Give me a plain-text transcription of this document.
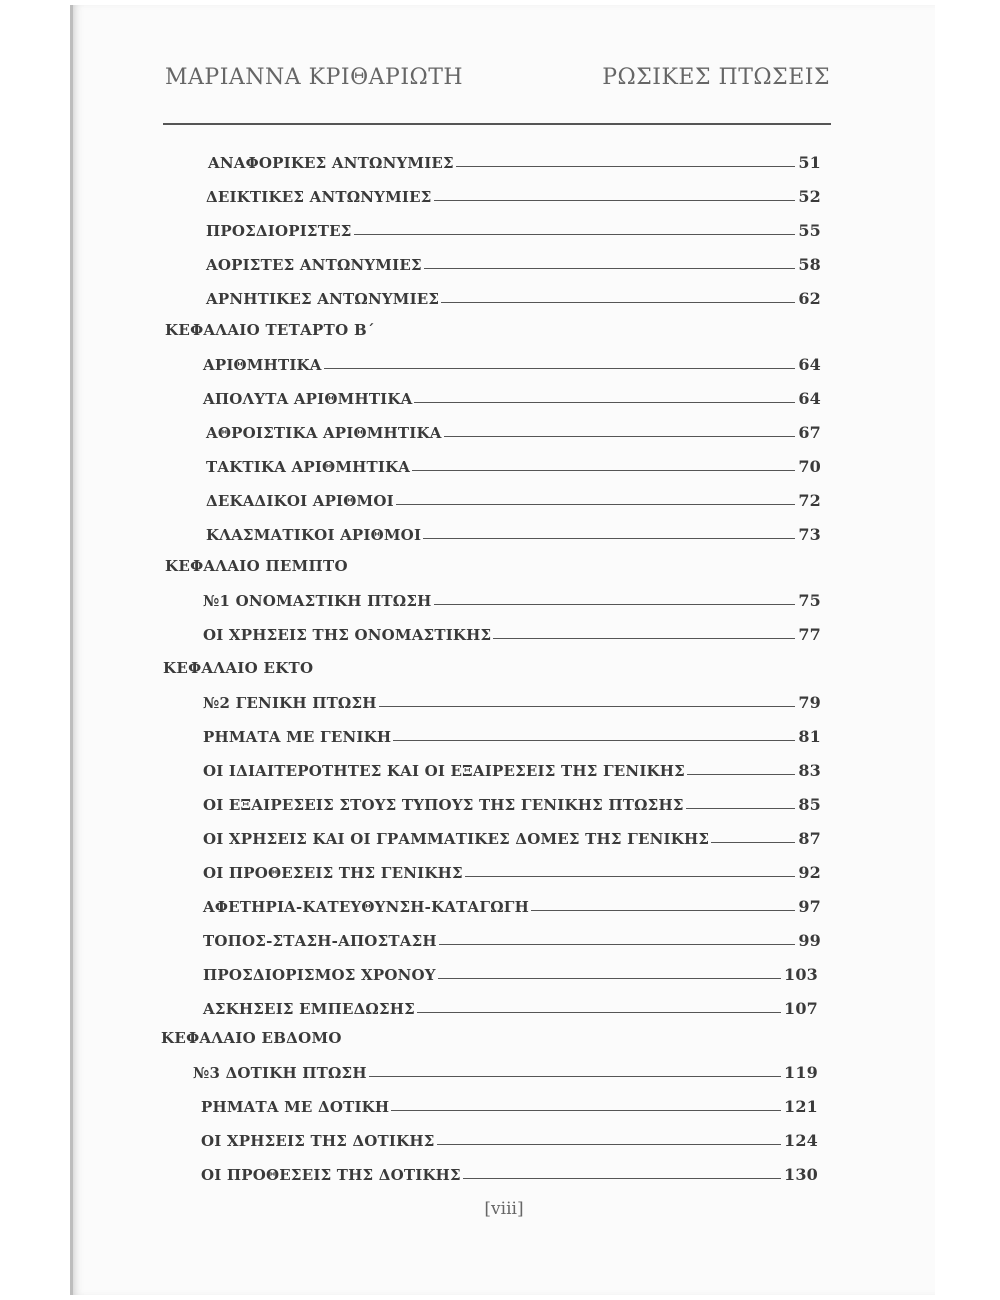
ΜΑΡΙΑΝΝΑ ΚΡΙΘΑΡΙΩΤΗ	ΡΩΣΙΚΕΣ ΠΤΩΣΕΙΣ
ΑΝΑΦΟΡΙΚΕΣ ΑΝΤΩΝΥΜΙΕΣ	51
ΔΕΙΚΤΙΚΕΣ ΑΝΤΩΝΥΜΙΕΣ	52
ΠΡΟΣΔΙΟΡΙΣΤΕΣ	55
ΑΟΡΙΣΤΕΣ ΑΝΤΩΝΥΜΙΕΣ	58
ΑΡΝΗΤΙΚΕΣ ΑΝΤΩΝΥΜΙΕΣ	62
ΚΕΦΑΛΑΙΟ ΤΕΤΑΡΤΟ Β΄
ΑΡΙΘΜΗΤΙΚΑ	64
ΑΠΟΛΥΤΑ ΑΡΙΘΜΗΤΙΚΑ	64
ΑΘΡΟΙΣΤΙΚΑ ΑΡΙΘΜΗΤΙΚΑ	67
ΤΑΚΤΙΚΑ ΑΡΙΘΜΗΤΙΚΑ	70
ΔΕΚΑΔΙΚΟΙ ΑΡΙΘΜΟΙ	72
ΚΛΑΣΜΑΤΙΚΟΙ ΑΡΙΘΜΟΙ	73
ΚΕΦΑΛΑΙΟ ΠΕΜΠΤΟ
№1 ΟΝΟΜΑΣΤΙΚΗ ΠΤΩΣΗ	75
ΟΙ ΧΡΗΣΕΙΣ ΤΗΣ ΟΝΟΜΑΣΤΙΚΗΣ	77
ΚΕΦΑΛΑΙΟ ΕΚΤΟ
№2 ΓΕΝΙΚΗ ΠΤΩΣΗ	79
ΡΗΜΑΤΑ ΜΕ ΓΕΝΙΚΗ	81
ΟΙ ΙΔΙΑΙΤΕΡΟΤΗΤΕΣ ΚΑΙ ΟΙ ΕΞΑΙΡΕΣΕΙΣ ΤΗΣ ΓΕΝΙΚΗΣ	83
ΟΙ ΕΞΑΙΡΕΣΕΙΣ ΣΤΟΥΣ ΤΥΠΟΥΣ ΤΗΣ ΓΕΝΙΚΗΣ ΠΤΩΣΗΣ	85
ΟΙ ΧΡΗΣΕΙΣ ΚΑΙ ΟΙ ΓΡΑΜΜΑΤΙΚΕΣ ΔΟΜΕΣ ΤΗΣ ΓΕΝΙΚΗΣ	87
ΟΙ ΠΡΟΘΕΣΕΙΣ ΤΗΣ ΓΕΝΙΚΗΣ	92
ΑΦΕΤΗΡΙΑ-ΚΑΤΕΥΘΥΝΣΗ-ΚΑΤΑΓΩΓΗ	97
ΤΟΠΟΣ-ΣΤΑΣΗ-ΑΠΟΣΤΑΣΗ	99
ΠΡΟΣΔΙΟΡΙΣΜΟΣ ΧΡΟΝΟΥ	103
ΑΣΚΗΣΕΙΣ ΕΜΠΕΔΩΣΗΣ	107
ΚΕΦΑΛΑΙΟ ΕΒΔΟΜΟ
№3 ΔΟΤΙΚΗ ΠΤΩΣΗ	119
ΡΗΜΑΤΑ ΜΕ ΔΟΤΙΚΗ	121
ΟΙ ΧΡΗΣΕΙΣ ΤΗΣ ΔΟΤΙΚΗΣ	124
ΟΙ ΠΡΟΘΕΣΕΙΣ ΤΗΣ ΔΟΤΙΚΗΣ	130
[viii]
